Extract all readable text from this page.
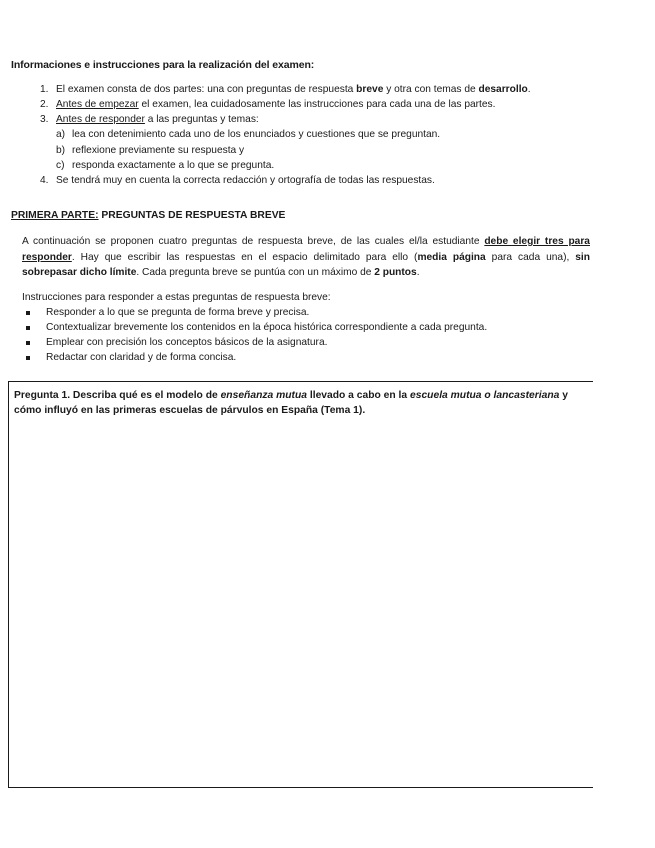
Informaciones e instrucciones para la realización del examen:
1. El examen consta de dos partes: una con preguntas de respuesta breve y otra con temas de desarrollo.
2. Antes de empezar el examen, lea cuidadosamente las instrucciones para cada una de las partes.
3. Antes de responder a las preguntas y temas:
a) lea con detenimiento cada uno de los enunciados y cuestiones que se preguntan.
b) reflexione previamente su respuesta y
c) responda exactamente a lo que se pregunta.
4. Se tendrá muy en cuenta la correcta redacción y ortografía de todas las respuestas.
PRIMERA PARTE: PREGUNTAS DE RESPUESTA BREVE
A continuación se proponen cuatro preguntas de respuesta breve, de las cuales el/la estudiante debe elegir tres para responder. Hay que escribir las respuestas en el espacio delimitado para ello (media página para cada una), sin sobrepasar dicho límite. Cada pregunta breve se puntúa con un máximo de 2 puntos.
Instrucciones para responder a estas preguntas de respuesta breve:
Responder a lo que se pregunta de forma breve y precisa.
Contextualizar brevemente los contenidos en la época histórica correspondiente a cada pregunta.
Emplear con precisión los conceptos básicos de la asignatura.
Redactar con claridad y de forma concisa.
Pregunta 1. Describa qué es el modelo de enseñanza mutua llevado a cabo en la escuela mutua o lancasteriana y cómo influyó en las primeras escuelas de párvulos en España (Tema 1).
